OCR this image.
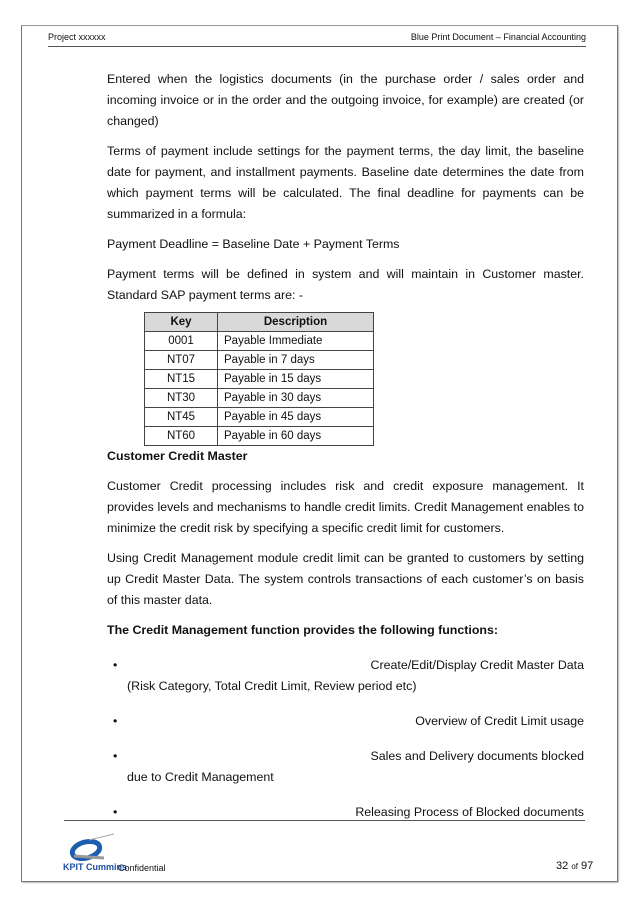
Project xxxxxx	Blue Print Document – Financial Accounting

Entered when the logistics documents (in the purchase order / sales order and incoming invoice or in the order and the outgoing invoice, for example) are created (or changed)

Terms of payment include settings for the payment terms, the day limit, the baseline date for payment, and installment payments. Baseline date determines the date from which payment terms will be calculated. The final deadline for payments can be summarized in a formula:

Payment Deadline = Baseline Date + Payment Terms

Payment terms will be defined in system and will maintain in Customer master. Standard SAP payment terms are: -

Key	Description
0001	Payable Immediate
NT07	Payable in 7 days
NT15	Payable in 15 days
NT30	Payable in 30 days
NT45	Payable in 45 days
NT60	Payable in 60 days
Customer Credit Master

Customer Credit processing includes risk and credit exposure management. It provides levels and mechanisms to handle credit limits. Credit Management enables to minimize the credit risk by specifying a specific credit limit for customers.

Using Credit Management module credit limit can be granted to customers by setting up Credit Master Data. The system controls transactions of each customer’s on basis of this master data.

The Credit Management function provides the following functions:
•	Create/Edit/Display Credit Master Data
(Risk Category, Total Credit Limit, Review period etc)
•	Overview of Credit Limit usage
•	Sales and Delivery documents blocked
due to Credit Management
•	Releasing Process of Blocked documents
KPIT Cummins
Confidential	32 of 97
